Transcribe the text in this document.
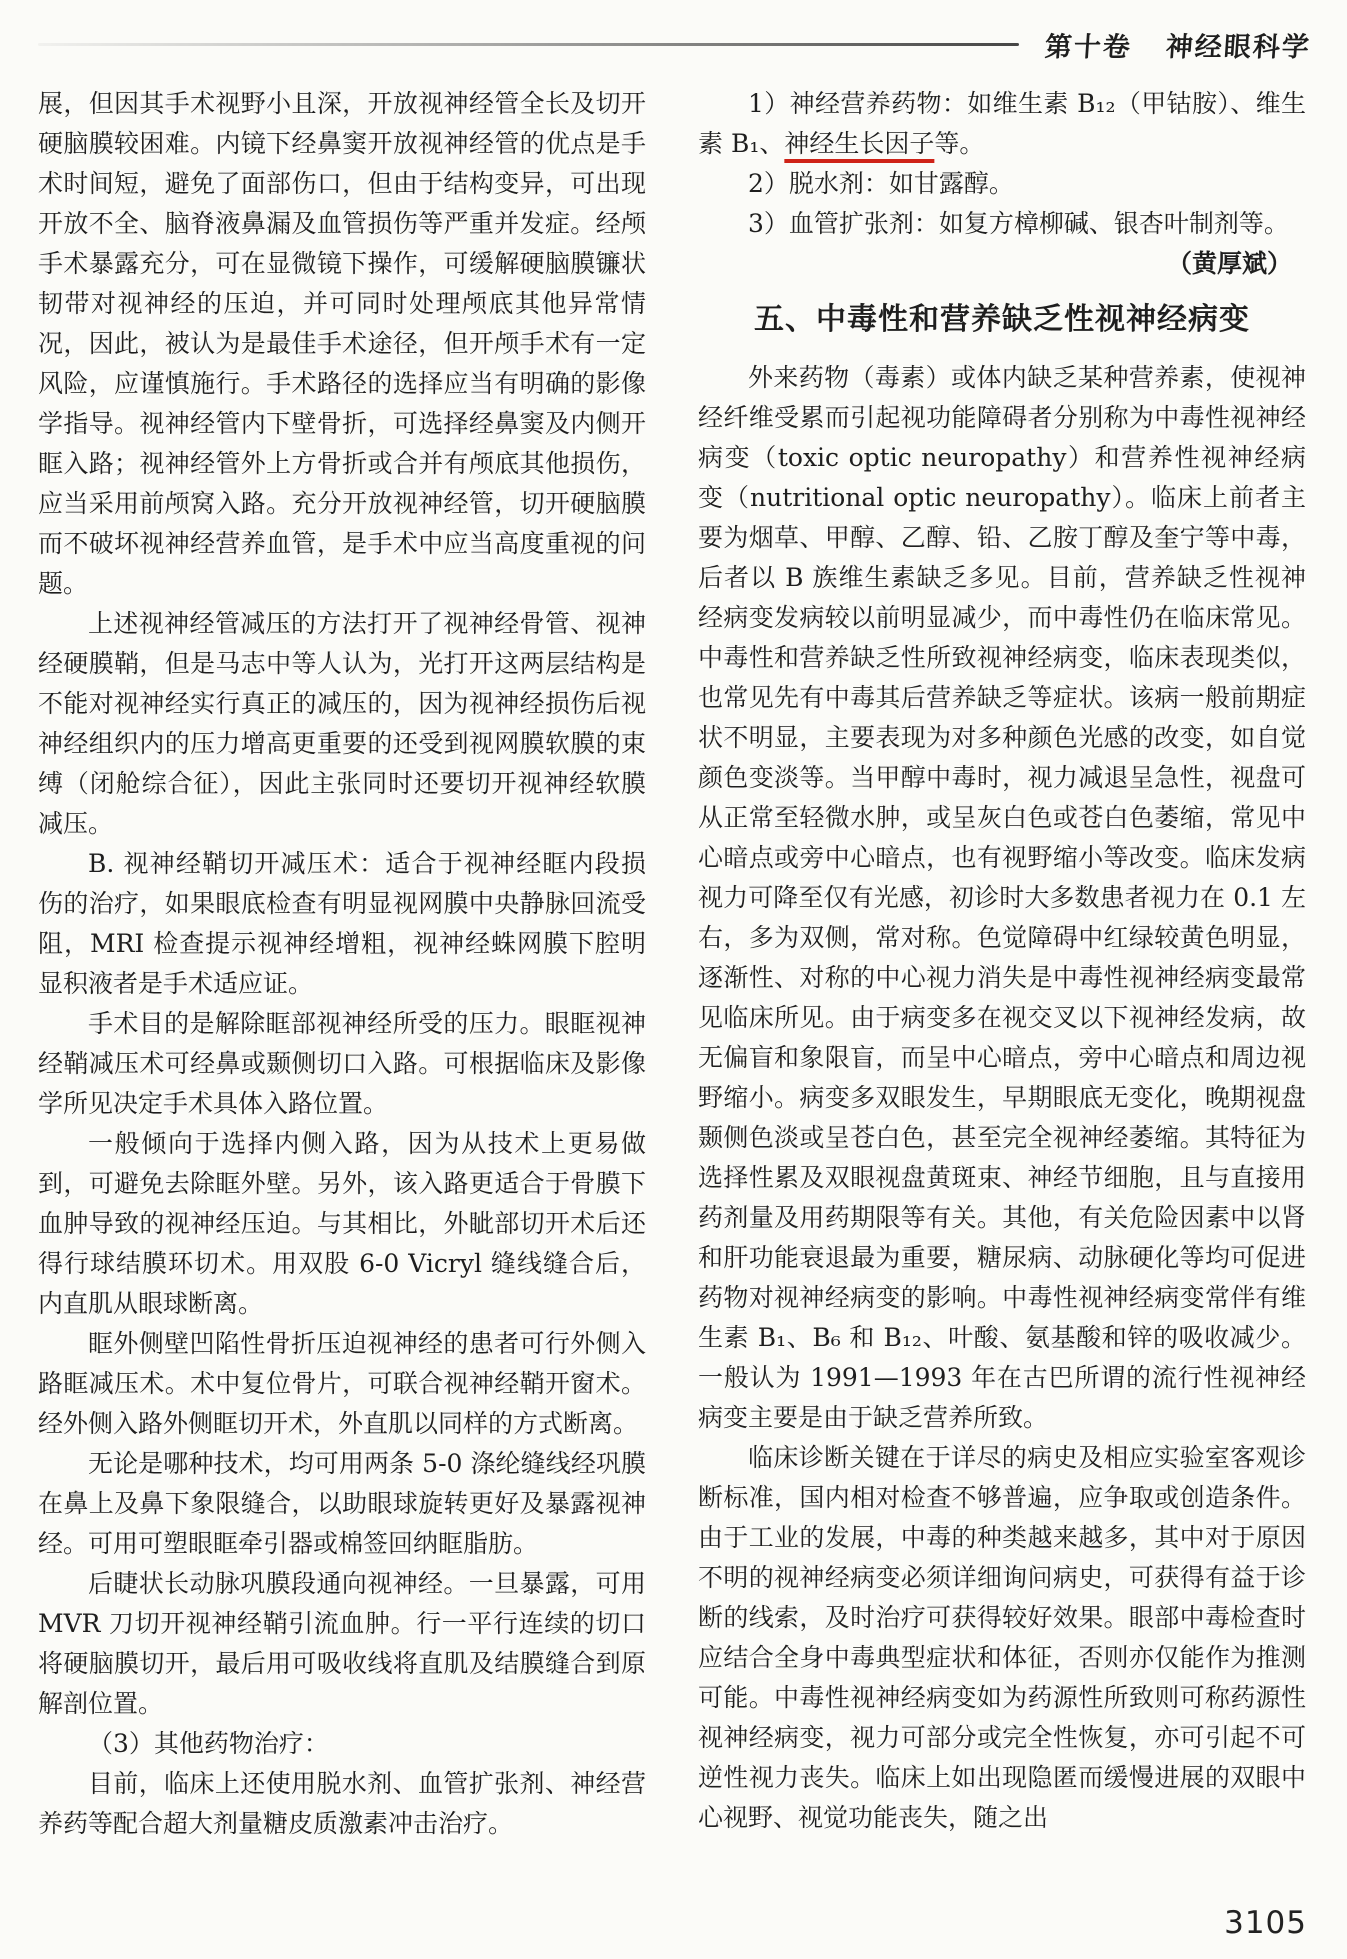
第十卷 神经眼科学

展，但因其手术视野小且深，开放视神经管全长及切开硬脑膜较困难。内镜下经鼻窦开放视神经管的优点是手术时间短，避免了面部伤口，但由于结构变异，可出现开放不全、脑脊液鼻漏及血管损伤等严重并发症。经颅手术暴露充分，可在显微镜下操作，可缓解硬脑膜镰状韧带对视神经的压迫，并可同时处理颅底其他异常情况，因此，被认为是最佳手术途径，但开颅手术有一定风险，应谨慎施行。手术路径的选择应当有明确的影像学指导。视神经管内下壁骨折，可选择经鼻窦及内侧开眶入路；视神经管外上方骨折或合并有颅底其他损伤，应当采用前颅窝入路。充分开放视神经管，切开硬脑膜而不破坏视神经营养血管，是手术中应当高度重视的问题。

上述视神经管减压的方法打开了视神经骨管、视神经硬膜鞘，但是马志中等人认为，光打开这两层结构是不能对视神经实行真正的减压的，因为视神经损伤后视神经组织内的压力增高更重要的还受到视网膜软膜的束缚（闭舱综合征），因此主张同时还要切开视神经软膜减压。

B. 视神经鞘切开减压术：适合于视神经眶内段损伤的治疗，如果眼底检查有明显视网膜中央静脉回流受阻，MRI 检查提示视神经增粗，视神经蛛网膜下腔明显积液者是手术适应证。

手术目的是解除眶部视神经所受的压力。眼眶视神经鞘减压术可经鼻或颞侧切口入路。可根据临床及影像学所见决定手术具体入路位置。

一般倾向于选择内侧入路，因为从技术上更易做到，可避免去除眶外壁。另外，该入路更适合于骨膜下血肿导致的视神经压迫。与其相比，外眦部切开术后还得行球结膜环切术。用双股 6-0 Vicryl 缝线缝合后，内直肌从眼球断离。

眶外侧壁凹陷性骨折压迫视神经的患者可行外侧入路眶减压术。术中复位骨片，可联合视神经鞘开窗术。经外侧入路外侧眶切开术，外直肌以同样的方式断离。

无论是哪种技术，均可用两条 5-0 涤纶缝线经巩膜在鼻上及鼻下象限缝合，以助眼球旋转更好及暴露视神经。可用可塑眼眶牵引器或棉签回纳眶脂肪。

后睫状长动脉巩膜段通向视神经。一旦暴露，可用 MVR 刀切开视神经鞘引流血肿。行一平行连续的切口将硬脑膜切开，最后用可吸收线将直肌及结膜缝合到原解剖位置。

（3）其他药物治疗：

目前，临床上还使用脱水剂、血管扩张剂、神经营养药等配合超大剂量糖皮质激素冲击治疗。

1）神经营养药物：如维生素 B₁₂（甲钴胺）、维生素 B₁、神经生长因子等。

2）脱水剂：如甘露醇。

3）血管扩张剂：如复方樟柳碱、银杏叶制剂等。

（黄厚斌）

五、中毒性和营养缺乏性视神经病变

外来药物（毒素）或体内缺乏某种营养素，使视神经纤维受累而引起视功能障碍者分别称为中毒性视神经病变（toxic optic neuropathy）和营养性视神经病变（nutritional optic neuropathy）。临床上前者主要为烟草、甲醇、乙醇、铅、乙胺丁醇及奎宁等中毒，后者以 B 族维生素缺乏多见。目前，营养缺乏性视神经病变发病较以前明显减少，而中毒性仍在临床常见。中毒性和营养缺乏性所致视神经病变，临床表现类似，也常见先有中毒其后营养缺乏等症状。该病一般前期症状不明显，主要表现为对多种颜色光感的改变，如自觉颜色变淡等。当甲醇中毒时，视力减退呈急性，视盘可从正常至轻微水肿，或呈灰白色或苍白色萎缩，常见中心暗点或旁中心暗点，也有视野缩小等改变。临床发病视力可降至仅有光感，初诊时大多数患者视力在 0.1 左右，多为双侧，常对称。色觉障碍中红绿较黄色明显，逐渐性、对称的中心视力消失是中毒性视神经病变最常见临床所见。由于病变多在视交叉以下视神经发病，故无偏盲和象限盲，而呈中心暗点，旁中心暗点和周边视野缩小。病变多双眼发生，早期眼底无变化，晚期视盘颞侧色淡或呈苍白色，甚至完全视神经萎缩。其特征为选择性累及双眼视盘黄斑束、神经节细胞，且与直接用药剂量及用药期限等有关。其他，有关危险因素中以肾和肝功能衰退最为重要，糖尿病、动脉硬化等均可促进药物对视神经病变的影响。中毒性视神经病变常伴有维生素 B₁、B₆ 和 B₁₂、叶酸、氨基酸和锌的吸收减少。一般认为 1991—1993 年在古巴所谓的流行性视神经病变主要是由于缺乏营养所致。

临床诊断关键在于详尽的病史及相应实验室客观诊断标准，国内相对检查不够普遍，应争取或创造条件。由于工业的发展，中毒的种类越来越多，其中对于原因不明的视神经病变必须详细询问病史，可获得有益于诊断的线索，及时治疗可获得较好效果。眼部中毒检查时应结合全身中毒典型症状和体征，否则亦仅能作为推测可能。中毒性视神经病变如为药源性所致则可称药源性视神经病变，视力可部分或完全性恢复，亦可引起不可逆性视力丧失。临床上如出现隐匿而缓慢进展的双眼中心视野、视觉功能丧失，随之出

3105
